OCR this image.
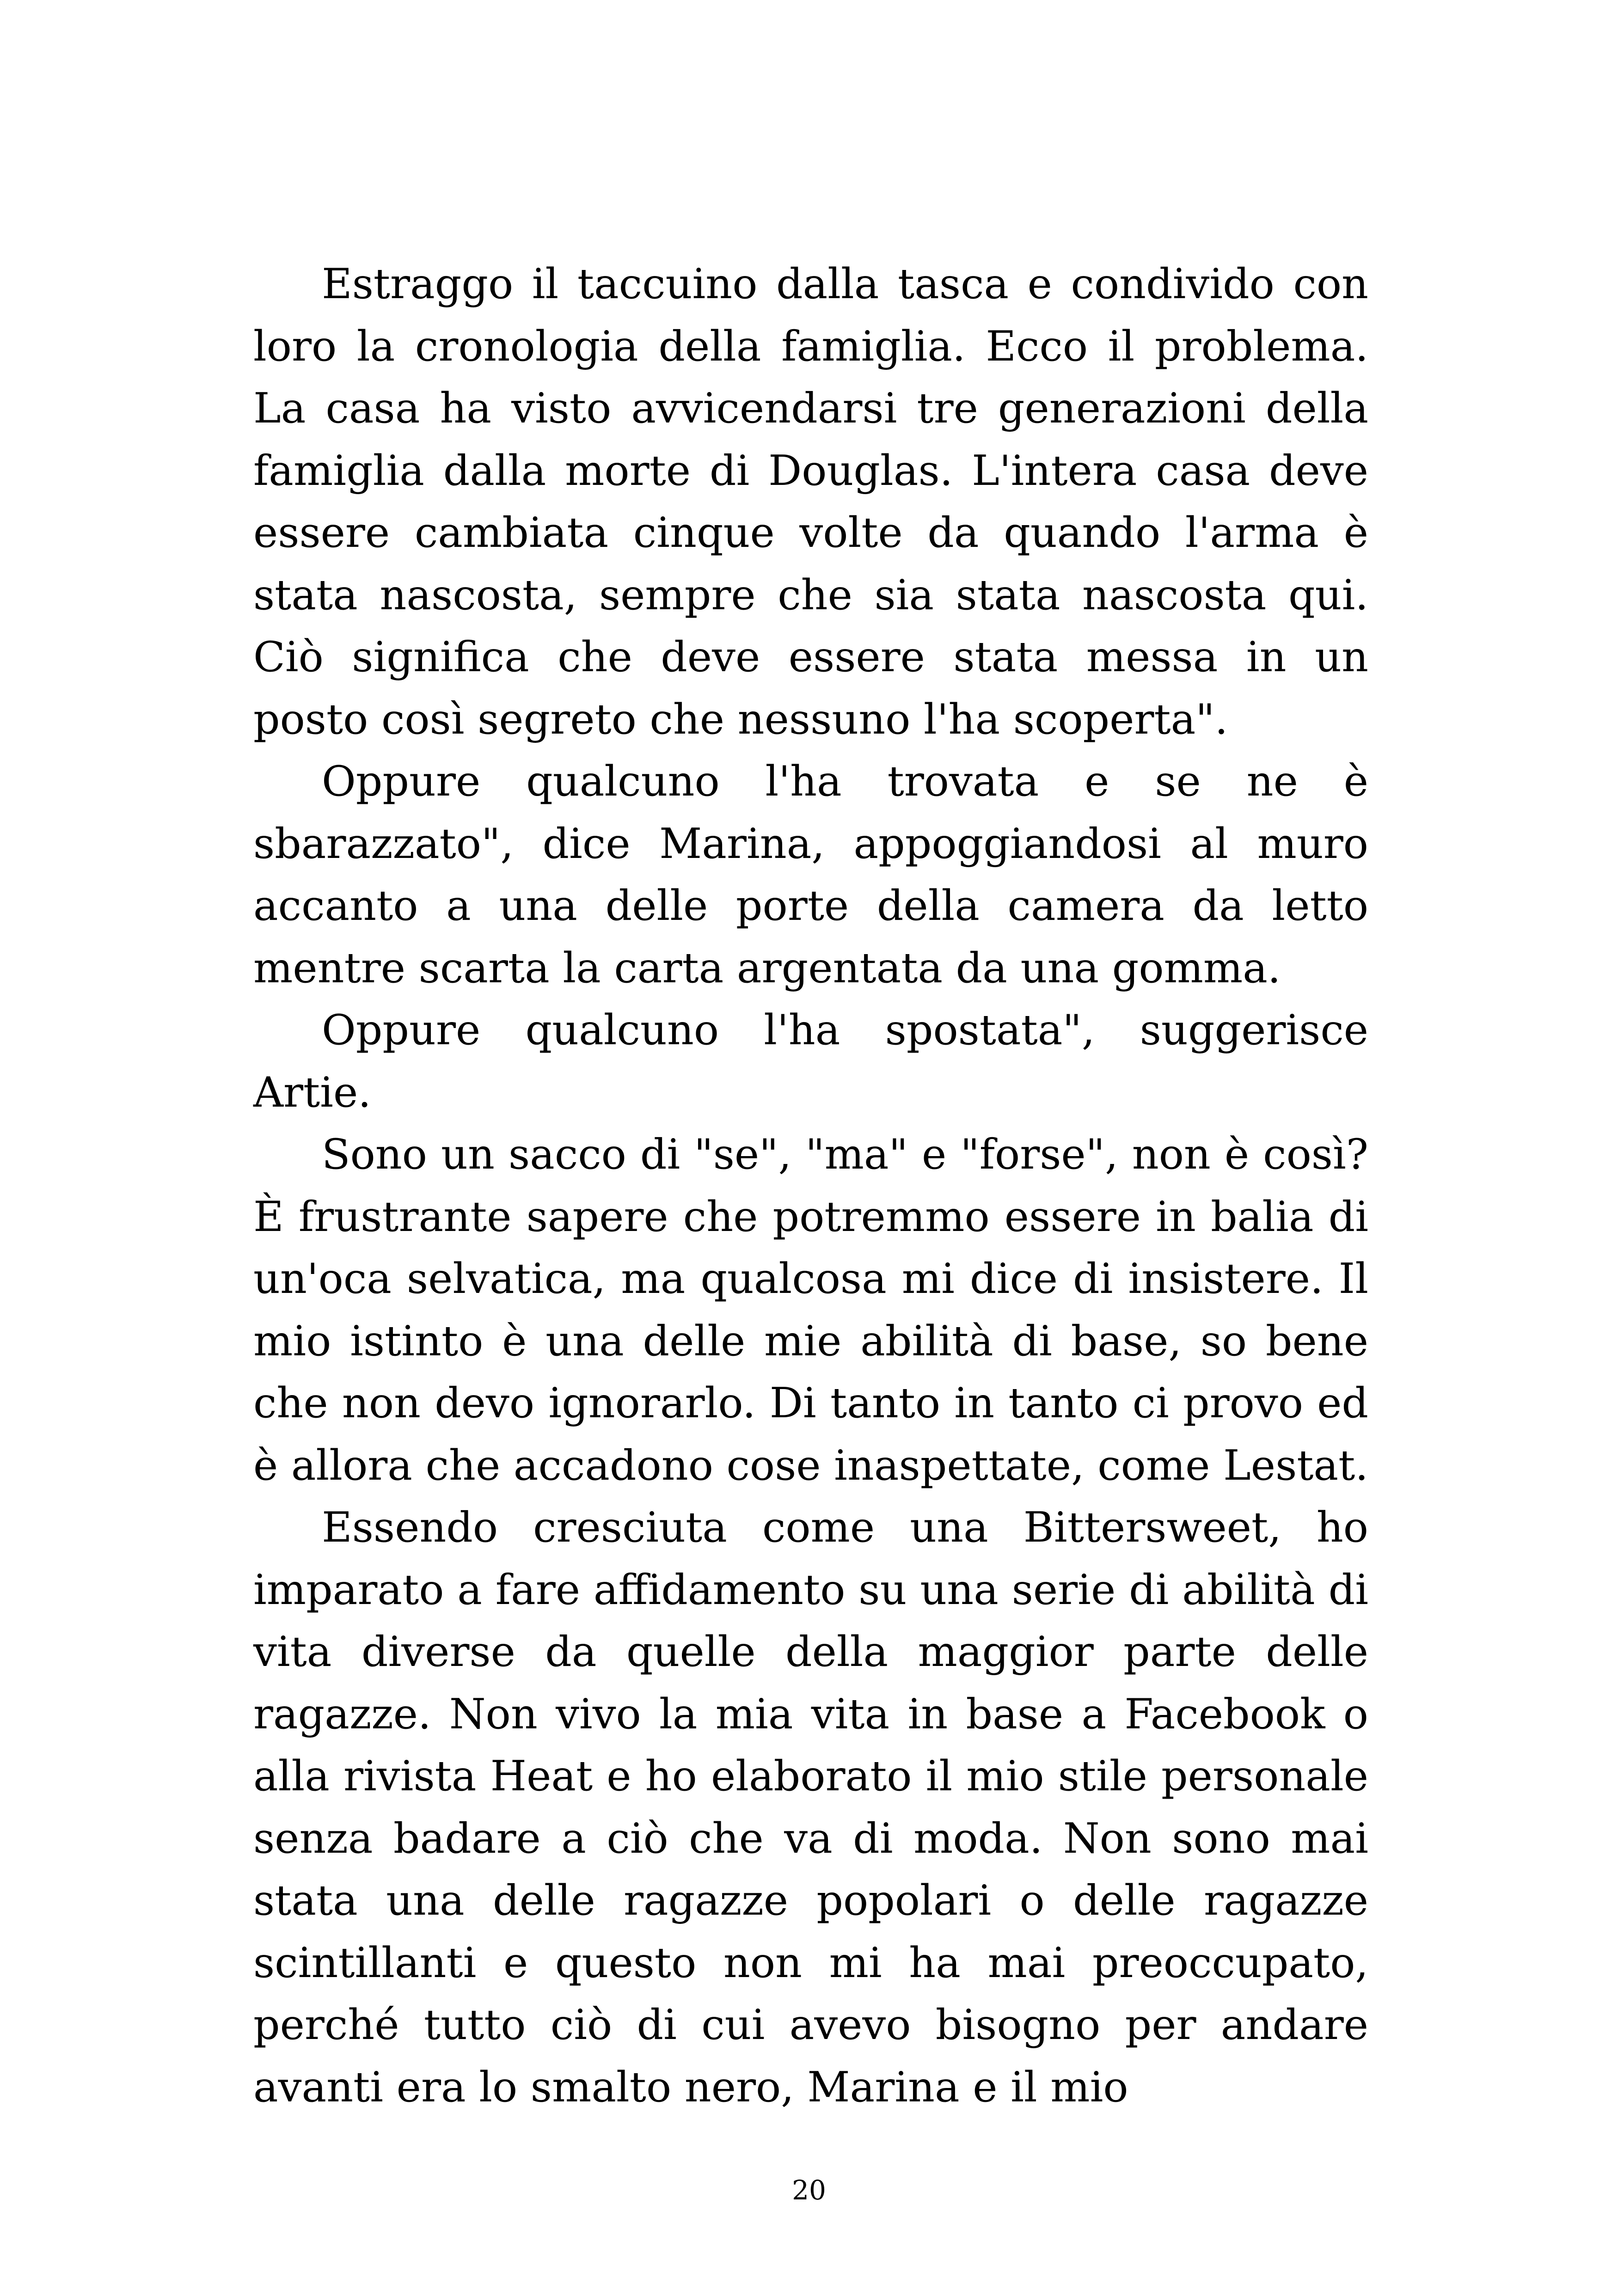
Estraggo il taccuino dalla tasca e condivido con loro la cronologia della famiglia. Ecco il problema. La casa ha visto avvicendarsi tre generazioni della famiglia dalla morte di Douglas. L'intera casa deve essere cambiata cinque volte da quando l'arma è stata nascosta, sempre che sia stata nascosta qui. Ciò significa che deve essere stata messa in un posto così segreto che nessuno l'ha scoperta".

Oppure qualcuno l'ha trovata e se ne è sbarazzato", dice Marina, appoggiandosi al muro accanto a una delle porte della camera da letto mentre scarta la carta argentata da una gomma.

Oppure qualcuno l'ha spostata", suggerisce Artie.

Sono un sacco di "se", "ma" e "forse", non è così? È frustrante sapere che potremmo essere in balia di un'oca selvatica, ma qualcosa mi dice di insistere. Il mio istinto è una delle mie abilità di base, so bene che non devo ignorarlo. Di tanto in tanto ci provo ed è allora che accadono cose inaspettate, come Lestat.

Essendo cresciuta come una Bittersweet, ho imparato a fare affidamento su una serie di abilità di vita diverse da quelle della maggior parte delle ragazze. Non vivo la mia vita in base a Facebook o alla rivista Heat e ho elaborato il mio stile personale senza badare a ciò che va di moda. Non sono mai stata una delle ragazze popolari o delle ragazze scintillanti e questo non mi ha mai preoccupato, perché tutto ciò di cui avevo bisogno per andare avanti era lo smalto nero, Marina e il mio

20
